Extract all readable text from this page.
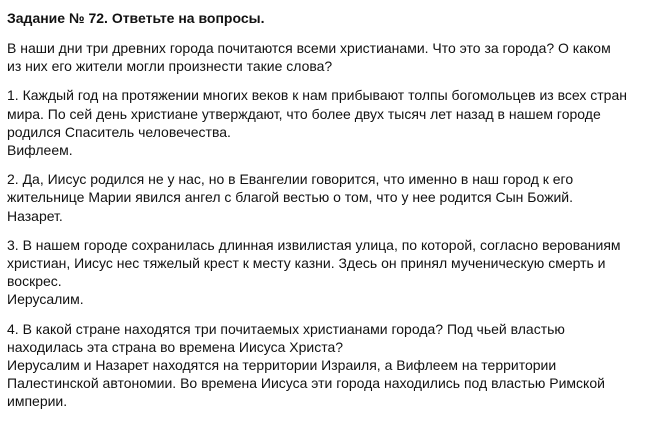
Задание № 72. Ответьте на вопросы.
В наши дни три древних города почитаются всеми христианами. Что это за города? О каком
из них его жители могли произнести такие слова?
1. Каждый год на протяжении многих веков к нам прибывают толпы богомольцев из всех стран
мира. По сей день христиане утверждают, что более двух тысяч лет назад в нашем городе
родился Спаситель человечества.
Вифлеем.
2. Да, Иисус родился не у нас, но в Евангелии говорится, что именно в наш город к его
жительнице Марии явился ангел с благой вестью о том, что у нее родится Сын Божий.
Назарет.
3. В нашем городе сохранилась длинная извилистая улица, по которой, согласно верованиям
христиан, Иисус нес тяжелый крест к месту казни. Здесь он принял мученическую смерть и
воскрес.
Иерусалим.
4. В какой стране находятся три почитаемых христианами города? Под чьей властью
находилась эта страна во времена Иисуса Христа?
Иерусалим и Назарет находятся на территории Израиля, а Вифлеем на территории
Палестинской автономии. Во времена Иисуса эти города находились под властью Римской
империи.
